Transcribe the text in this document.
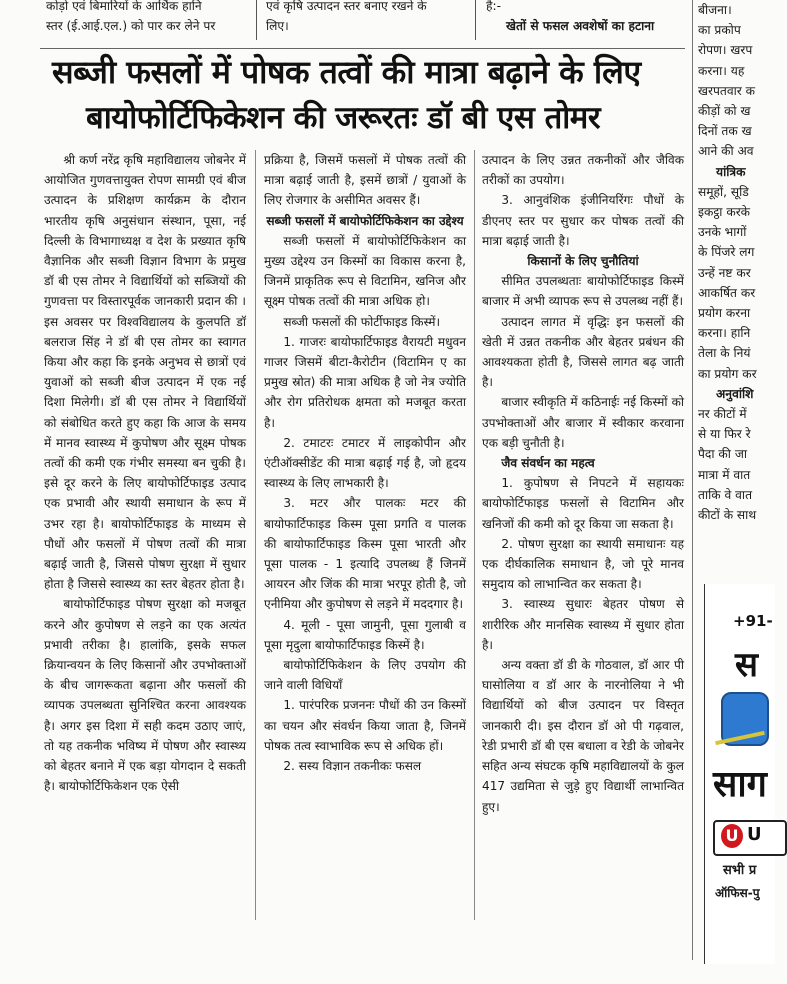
कोड़ो एवं बिमारियों के आर्थिक हानि

स्तर (ई.आई.एल.) को पार कर लेने पर

एवं कृषि उत्पादन स्तर बनाए रखने के

लिए।

है:-

खेतों से फसल अवशेषों का हटाना

सब्जी फसलों में पोषक तत्वों की मात्रा बढ़ाने के लिए
बायोफोर्टिफिकेशन की जरूरतः डॉ बी एस तोमर

श्री कर्ण नरेंद्र कृषि महाविद्यालय जोबनेर में आयोजित गुणवत्तायुक्त रोपण सामग्री एवं बीज उत्पादन के प्रशिक्षण कार्यक्रम के दौरान भारतीय कृषि अनुसंधान संस्थान, पूसा, नई दिल्ली के विभागाध्यक्ष व देश के प्रख्यात कृषि वैज्ञानिक और सब्जी विज्ञान विभाग के प्रमुख डॉ बी एस तोमर ने विद्यार्थियों को सब्जियों की गुणवत्ता पर विस्तारपूर्वक जानकारी प्रदान की । इस अवसर पर विश्वविद्यालय के कुलपति डॉ बलराज सिंह ने डॉ बी एस तोमर का स्वागत किया और कहा कि इनके अनुभव से छात्रों एवं युवाओं को सब्जी बीज उत्पादन में एक नई दिशा मिलेगी। डॉ बी एस तोमर ने विद्यार्थियों को संबोधित करते हुए कहा कि आज के समय में मानव स्वास्थ्य में कुपोषण और सूक्ष्म पोषक तत्वों की कमी एक गंभीर समस्या बन चुकी है। इसे दूर करने के लिए बायोफोर्टिफाइड उत्पाद एक प्रभावी और स्थायी समाधान के रूप में उभर रहा है। बायोफोर्टिफाइड के माध्यम से पौधों और फसलों में पोषण तत्वों की मात्रा बढ़ाई जाती है, जिससे पोषण सुरक्षा में सुधार होता है जिससे स्वास्थ्य का स्तर बेहतर होता है।

बायोफोर्टिफाइड पोषण सुरक्षा को मजबूत करने और कुपोषण से लड़ने का एक अत्यंत प्रभावी तरीका है। हालांकि, इसके सफल क्रियान्वयन के लिए किसानों और उपभोक्ताओं के बीच जागरूकता बढ़ाना और फसलों की व्यापक उपलब्धता सुनिश्चित करना आवश्यक है। अगर इस दिशा में सही कदम उठाए जाएं, तो यह तकनीक भविष्य में पोषण और स्वास्थ्य को बेहतर बनाने में एक बड़ा योगदान दे सकती है। बायोफोर्टिफिकेशन एक ऐसी

प्रक्रिया है, जिसमें फसलों में पोषक तत्वों की मात्रा बढ़ाई जाती है, इसमें छात्रों / युवाओं के लिए रोजगार के असीमित अवसर हैं।

सब्जी फसलों में बायोफोर्टिफिकेशन का उद्देश्य

सब्जी फसलों में बायोफोर्टिफिकेशन का मुख्य उद्देश्य उन किस्मों का विकास करना है, जिनमें प्राकृतिक रूप से विटामिन, खनिज और सूक्ष्म पोषक तत्वों की मात्रा अधिक हो।

सब्जी फसलों की फोर्टीफाइड किस्में।

1. गाजरः बायोफार्टिफाइड वैरायटी मधुवन गाजर जिसमें बीटा-कैरोटीन (विटामिन ए का प्रमुख स्रोत) की मात्रा अधिक है जो नेत्र ज्योति और रोग प्रतिरोधक क्षमता को मजबूत करता है।

2. टमाटरः टमाटर में लाइकोपीन और एंटीऑक्सीडेंट की मात्रा बढ़ाई गई है, जो हृदय स्वास्थ्य के लिए लाभकारी है।

3. मटर और पालकः मटर की बायोफार्टिफाइड किस्म पूसा प्रगति व पालक की बायोफार्टिफाइड किस्म पूसा भारती और पूसा पालक - 1 इत्यादि उपलब्ध हैं जिनमें आयरन और जिंक की मात्रा भरपूर होती है, जो एनीमिया और कुपोषण से लड़ने में मददगार है।

4. मूली - पूसा जामुनी, पूसा गुलाबी व पूसा मृदुला बायोफार्टिफाइड किस्में है।

बायोफोर्टिफिकेशन के लिए उपयोग की जाने वाली विधियाँ

1. पारंपरिक प्रजननः पौधों की उन किस्मों का चयन और संवर्धन किया जाता है, जिनमें पोषक तत्व स्वाभाविक रूप से अधिक हों।

2. सस्य विज्ञान तकनीकः फसल

उत्पादन के लिए उन्नत तकनीकों और जैविक तरीकों का उपयोग।

3. आनुवंशिक इंजीनियरिंगः पौधों के डीएनए स्तर पर सुधार कर पोषक तत्वों की मात्रा बढ़ाई जाती है।

किसानों के लिए चुनौतियां

सीमित उपलब्धताः बायोफोर्टिफाइड किस्में बाजार में अभी व्यापक रूप से उपलब्ध नहीं हैं।

उत्पादन लागत में वृद्धिः इन फसलों की खेती में उन्नत तकनीक और बेहतर प्रबंधन की आवश्यकता होती है, जिससे लागत बढ़ जाती है।

बाजार स्वीकृति में कठिनाईः नई किस्मों को उपभोक्ताओं और बाजार में स्वीकार करवाना एक बड़ी चुनौती है।

जैव संवर्धन का महत्व

1. कुपोषण से निपटने में सहायकः बायोफोर्टिफाइड फसलों से विटामिन और खनिजों की कमी को दूर किया जा सकता है।

2. पोषण सुरक्षा का स्थायी समाधानः यह एक दीर्घकालिक समाधान है, जो पूरे मानव समुदाय को लाभान्वित कर सकता है।

3. स्वास्थ्य सुधारः बेहतर पोषण से शारीरिक और मानसिक स्वास्थ्य में सुधार होता है।

अन्य वक्ता डॉ डी के गोठवाल, डॉ आर पी घासोलिया व डॉ आर के नारनोलिया ने भी विद्यार्थियों को बीज उत्पादन पर विस्तृत जानकारी दी। इस दौरान डॉ ओ पी गढ़वाल, रेडी प्रभारी डॉ बी एस बधाला व रेडी के जोबनेर सहित अन्य संघटक कृषि महाविद्यालयों के कुल 417 उद्यमिता से जुड़े हुए विद्यार्थी लाभान्वित हुए।

बीजना।

का प्रकोप

रोपण। खरप

करना। यह

खरपतवार क

कीड़ों को ख

दिनों तक ख

आने की अव

यांत्रिक

समूहों, सूडि

इकट्ठा करके

उनके भागों

के पिंजरे लग

उन्हें नष्ट कर

आकर्षित कर

प्रयोग करना

करना। हानि

तेला के नियं

का प्रयोग कर

अनुवांशि

नर कीटों में

से या फिर रे

पैदा की जा

मात्रा में वात

ताकि वे वात

कीटों के साथ

+91-
स
साग
U U
सभी प्र
ऑफिस-पु
